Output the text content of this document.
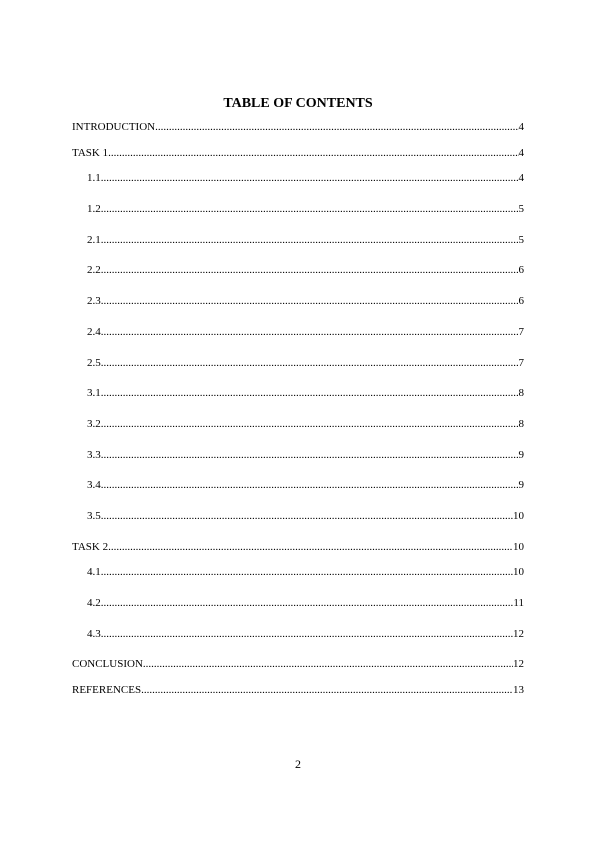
TABLE OF CONTENTS
INTRODUCTION .....	4
TASK 1 .....	4
1.1 .....	4
1.2 .....	5
2.1 .....	5
2.2 .....	6
2.3 .....	6
2.4 .....	7
2.5 .....	7
3.1 .....	8
3.2 .....	8
3.3 .....	9
3.4 .....	9
3.5 .....	10
TASK 2 .....	10
4.1 .....	10
4.2 .....	11
4.3 .....	12
CONCLUSION .....	12
REFERENCES .....	13
2
